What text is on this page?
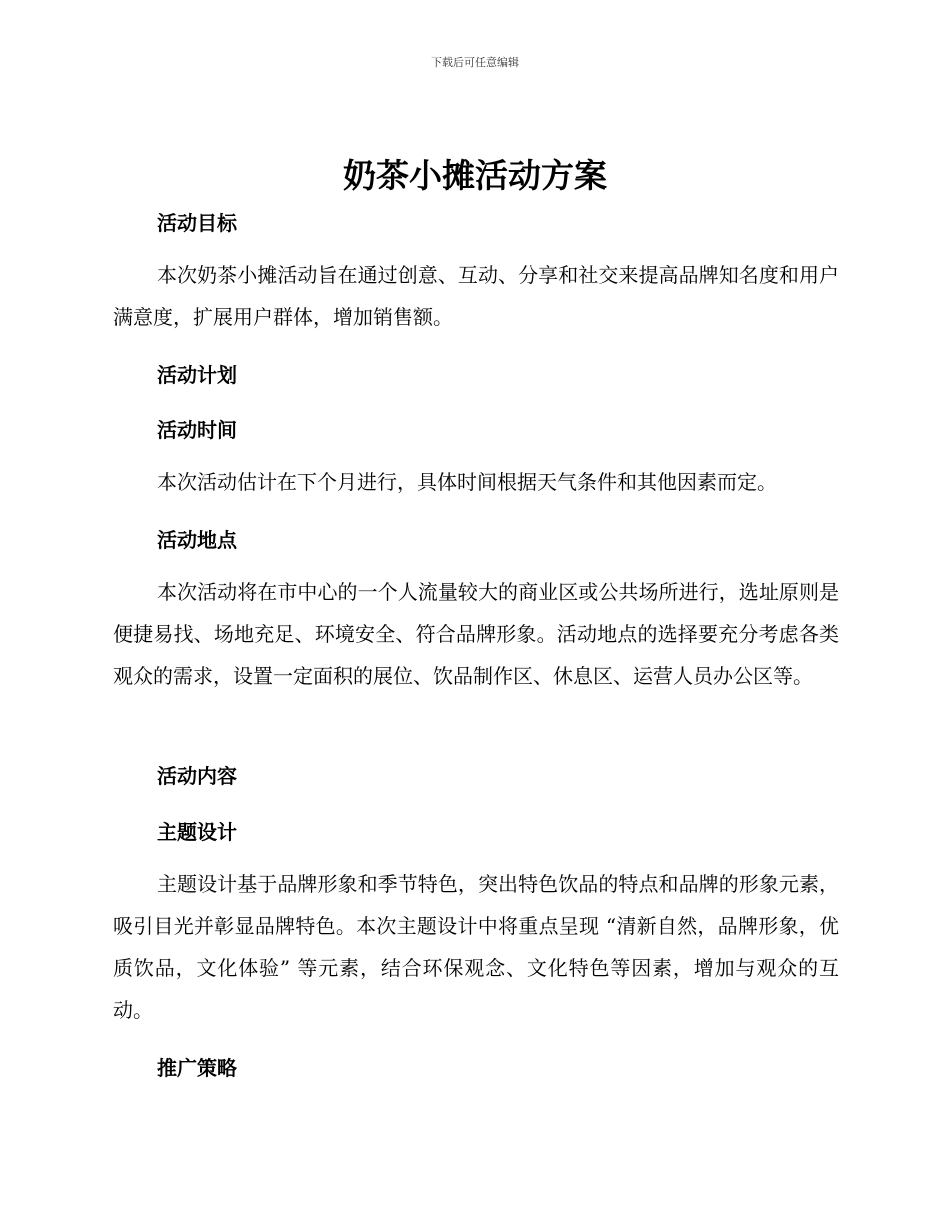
下载后可任意编辑
奶茶小摊活动方案
活动目标
本次奶茶小摊活动旨在通过创意、互动、分享和社交来提高品牌知名度和用户满意度，扩展用户群体，增加销售额。
活动计划
活动时间
本次活动估计在下个月进行，具体时间根据天气条件和其他因素而定。
活动地点
本次活动将在市中心的一个人流量较大的商业区或公共场所进行，选址原则是便捷易找、场地充足、环境安全、符合品牌形象。活动地点的选择要充分考虑各类观众的需求，设置一定面积的展位、饮品制作区、休息区、运营人员办公区等。
活动内容
主题设计
主题设计基于品牌形象和季节特色，突出特色饮品的特点和品牌的形象元素，吸引目光并彰显品牌特色。本次主题设计中将重点呈现 “清新自然，品牌形象，优质饮品，文化体验” 等元素，结合环保观念、文化特色等因素，增加与观众的互动。
推广策略
